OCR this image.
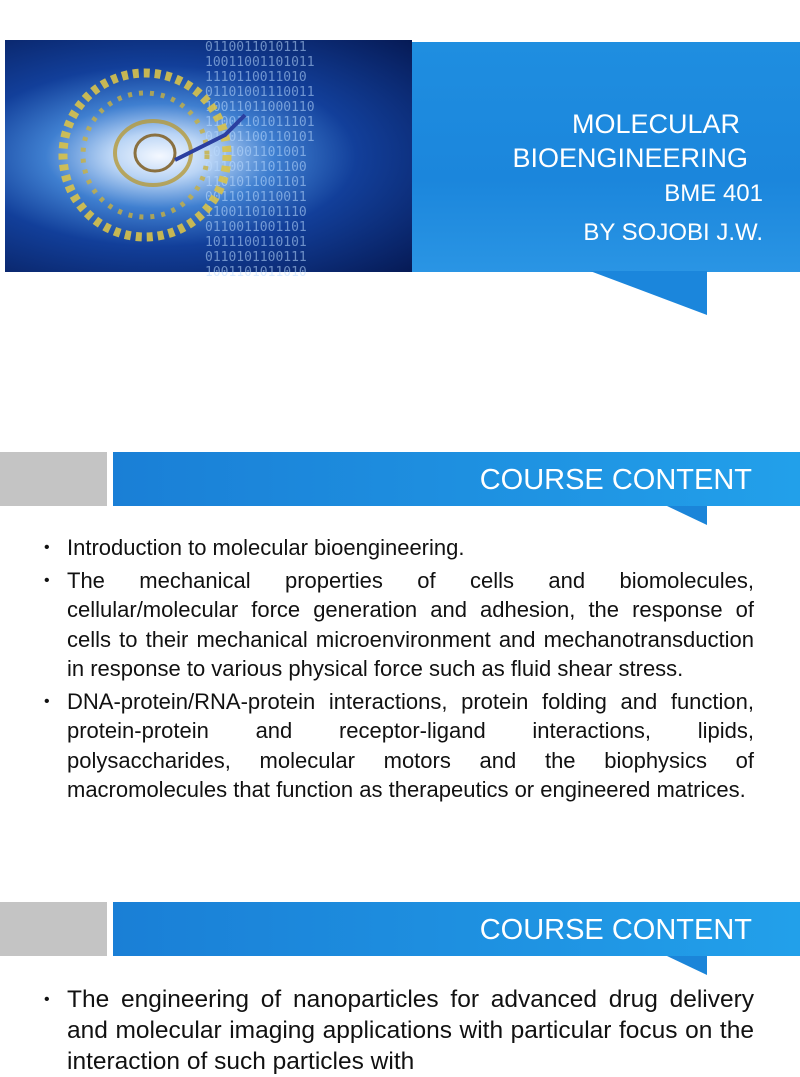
0110011010111
10011001101011
1110110011010
01101001110011
10011011000110
11001101011101
01101100110101
1011001101001
0110011101100
1101011001101
0011010110011
1100110101110
0110011001101
1011100110101
0110101100111
1001101011010
MOLECULAR
BIOENGINEERING
BME 401
BY SOJOBI J.W.
COURSE CONTENT
• Introduction to molecular bioengineering.
• The mechanical properties of cells and biomolecules, cellular/molecular force generation and adhesion, the response of cells to their mechanical microenvironment and mechanotransduction in response to various physical force such as fluid shear stress.
• DNA-protein/RNA-protein interactions, protein folding and function, protein-protein and receptor-ligand interactions, lipids, polysaccharides, molecular motors and the biophysics of macromolecules that function as therapeutics or engineered matrices.
COURSE CONTENT
• The engineering of nanoparticles for advanced drug delivery and molecular imaging applications with particular focus on the interaction of such particles with
